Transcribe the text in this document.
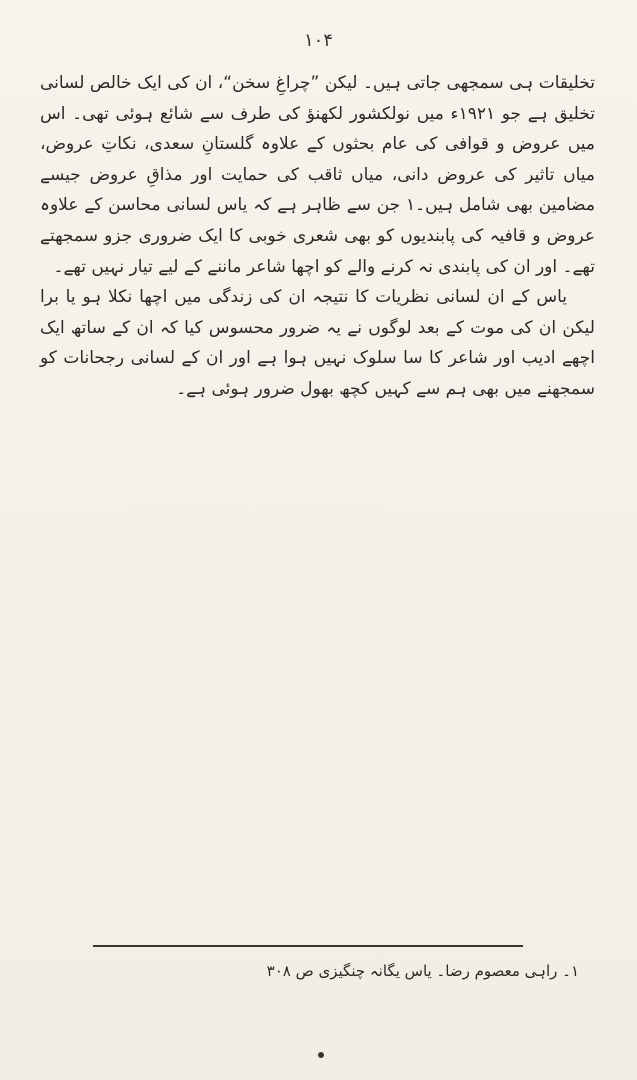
۱۰۴

تخلیقات ہی سمجھی جاتی ہیں۔ لیکن ”چراغِ سخن“، ان کی ایک خالص لسانی تخلیق ہے جو ۱۹۲۱ء میں نولکشور لکھنؤ کی طرف سے شائع ہوئی تھی۔ اس میں عروض و قوافی کی عام بحثوں کے علاوہ گلستانِ سعدی، نکاتِ عروض، میاں تاثیر کی عروض دانی، میاں ثاقب کی حمایت اور مذاقِ عروض جیسے مضامین بھی شامل ہیں۔۱ جن سے ظاہر ہے کہ یاس لسانی محاسن کے علاوہ عروض و قافیہ کی پابندیوں کو بھی شعری خوبی کا ایک ضروری جزو سمجھتے تھے۔ اور ان کی پابندی نہ کرنے والے کو اچھا شاعر ماننے کے لیے تیار نہیں تھے۔

یاس کے ان لسانی نظریات کا نتیجہ ان کی زندگی میں اچھا نکلا ہو یا برا لیکن ان کی موت کے بعد لوگوں نے یہ ضرور محسوس کیا کہ ان کے ساتھ ایک اچھے ادیب اور شاعر کا سا سلوک نہیں ہوا ہے اور ان کے لسانی رجحانات کو سمجھنے میں بھی ہم سے کہیں کچھ بھول ضرور ہوئی ہے۔

۱۔ راہی معصوم رضا۔ یاس یگانہ چنگیزی ص ۳۰۸
